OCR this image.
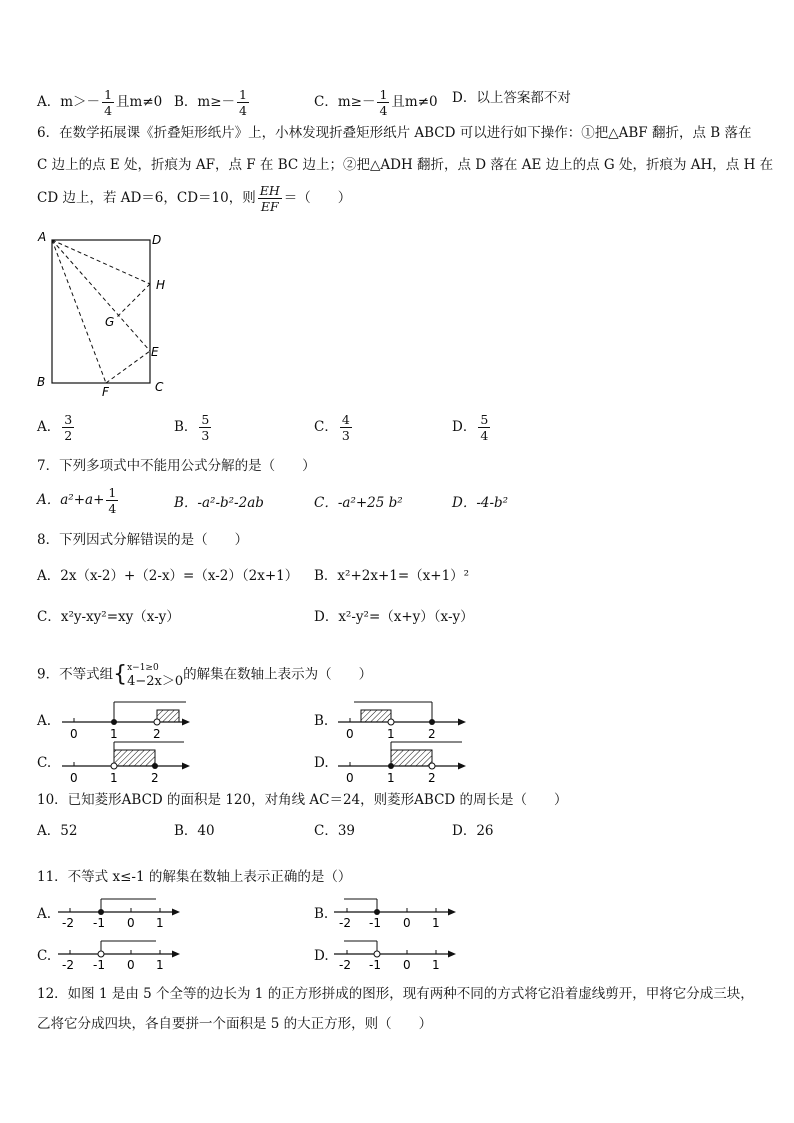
A．$m>- \frac{1}{4}$ 且m≠0 B．$m\ge- \frac{1}{4}$	C．$m\ge- \frac{1}{4}$ 且m≠0 D．以上答案都不对
6．在数学拓展课《折叠矩形纸片》上，小林发现折叠矩形纸片 ABCD 可以进行如下操作：①把△ABF 翻折，点 B 落在
C 边上的点 E 处，折痕为 AF，点 F 在 BC 边上；②把△ADH 翻折，点 D 落在 AE 边上的点 G 处，折痕为 AH，点 H 在
CD 边上，若 AD＝6，CD＝10，则 $\frac{EH}{EF}$ ＝（　　）
A	D
H
G
E
B	C
F
A． $\frac{3}{2}$	B． $\frac{5}{3}$	C． $\frac{4}{3}$	D． $\frac{5}{4}$
7．下列多项式中不能用公式分解的是（　　）
A．$a^2+a+ \frac{1}{4}$	B．-a²-b²-2ab	C．-a²+25 b²	D．-4-b²
8．下列因式分解错误的是（　　）
A．2x（x-2）+（2-x）=（x-2）（2x+1） B．x²+2x+1=（x+1）²
C．x²y-xy²=xy（x-y）	D．x²-y²=（x+y）（x-y）
9．不等式组{ x−1≥0
4−2x＞0 的解集在数轴上表示为（　　）
A.
0	1	2
B.
0	1	2
C.
0	1	2
D.
0	1	2
10．已知菱形ABCD 的面积是 120，对角线 AC＝24，则菱形ABCD 的周长是（　　）
A．52	B．40	C．39	D．26
11．不等式 x≤-1 的解集在数轴上表示正确的是（）
A.
-2 -1 0 1
B.
-2 -1 0 1
C.
-2 -1 0 1
D.
-2 -1 0 1
12．如图 1 是由 5 个全等的边长为 1 的正方形拼成的图形，现有两种不同的方式将它沿着虚线剪开，甲将它分成三块，
乙将它分成四块，各自要拼一个面积是 5 的大正方形，则（　　）
